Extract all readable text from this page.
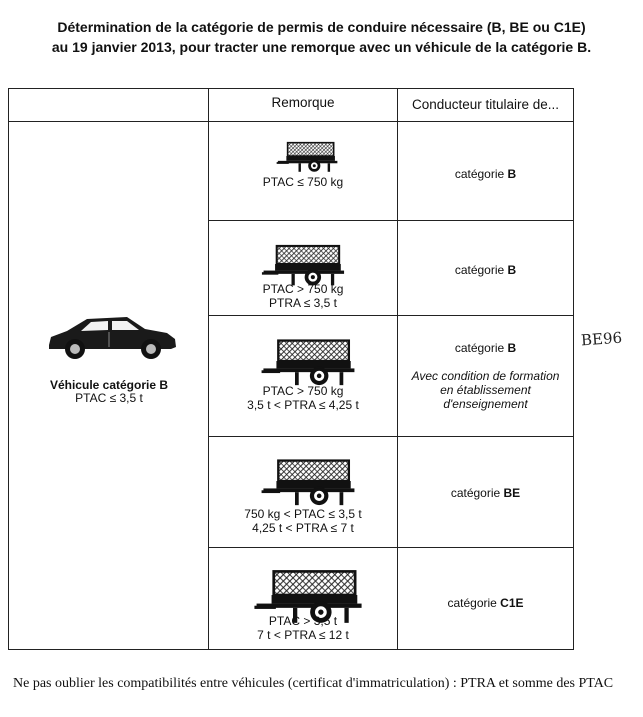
Détermination de la catégorie de permis de conduire nécessaire (B, BE ou C1E)
au 19 janvier 2013, pour tracter une remorque avec un véhicule de la catégorie B.
Remorque	Conducteur titulaire de...
Véhicule catégorie B
PTAC ≤ 3,5 t
PTAC ≤ 750 kg
catégorie B
PTAC > 750 kg
PTRA ≤ 3,5 t
catégorie B
PTAC > 750 kg
3,5 t < PTRA ≤ 4,25 t
catégorie B
Avec condition de formation
en établissement
d'enseignement
750 kg < PTAC ≤ 3,5 t
4,25 t < PTRA ≤ 7 t
catégorie BE
PTAC > 3,5 t
7 t < PTRA ≤ 12 t
catégorie C1E
BE96
Ne pas oublier les compatibilités entre véhicules (certificat d'immatriculation) : PTRA et somme des PTAC
